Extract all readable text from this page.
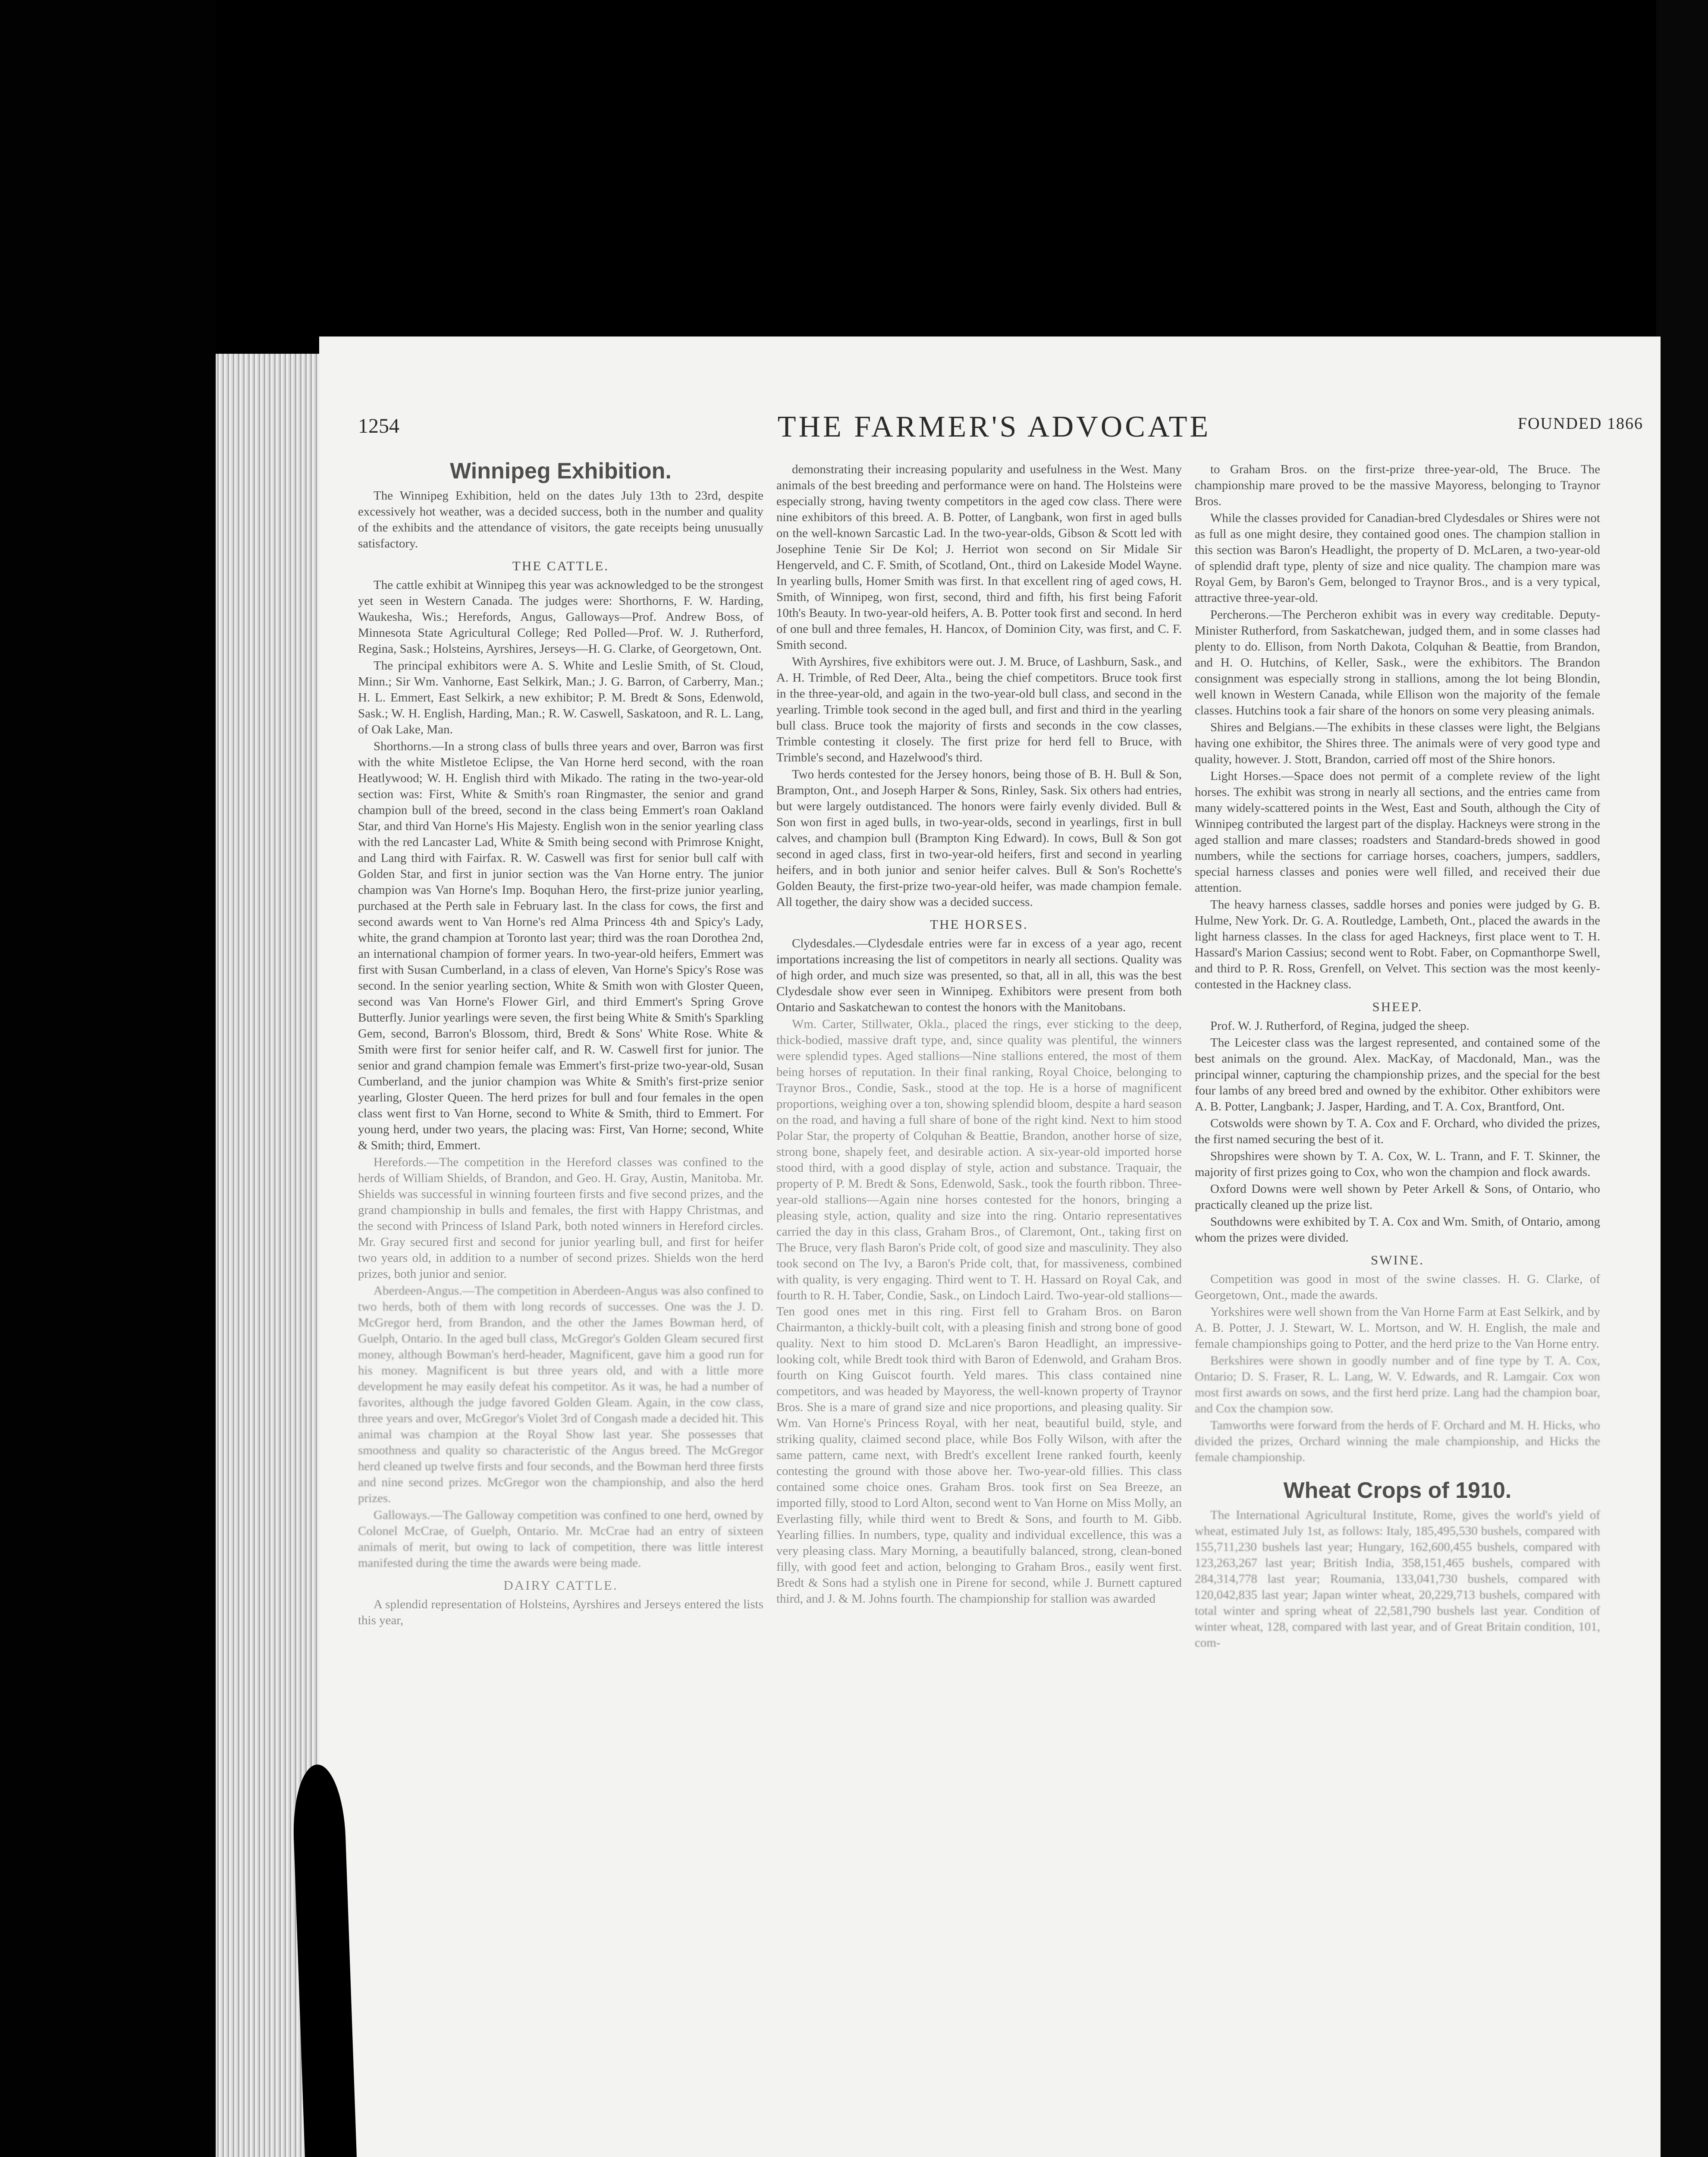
1254	THE FARMER'S ADVOCATE	FOUNDED 1866
Winnipeg Exhibition.

The Winnipeg Exhibition, held on the dates July 13th to 23rd, despite excessively hot weather, was a decided success, both in the number and quality of the exhibits and the attendance of visitors, the gate receipts being unusually satisfactory.

THE CATTLE.

The cattle exhibit at Winnipeg this year was acknowledged to be the strongest yet seen in Western Canada. The judges were: Shorthorns, F. W. Harding, Waukesha, Wis.; Herefords, Angus, Galloways—Prof. Andrew Boss, of Minnesota State Agricultural College; Red Polled—Prof. W. J. Rutherford, Regina, Sask.; Holsteins, Ayrshires, Jerseys—H. G. Clarke, of Georgetown, Ont.

The principal exhibitors were A. S. White and Leslie Smith, of St. Cloud, Minn.; Sir Wm. Vanhorne, East Selkirk, Man.; J. G. Barron, of Carberry, Man.; H. L. Emmert, East Selkirk, a new exhibitor; P. M. Bredt & Sons, Edenwold, Sask.; W. H. English, Harding, Man.; R. W. Caswell, Saskatoon, and R. L. Lang, of Oak Lake, Man.

Shorthorns.—In a strong class of bulls three years and over, Barron was first with the white Mistletoe Eclipse, the Van Horne herd second, with the roan Heatlywood; W. H. English third with Mikado. The rating in the two-year-old section was: First, White & Smith's roan Ringmaster, the senior and grand champion bull of the breed, second in the class being Emmert's roan Oakland Star, and third Van Horne's His Majesty. English won in the senior yearling class with the red Lancaster Lad, White & Smith being second with Primrose Knight, and Lang third with Fairfax. R. W. Caswell was first for senior bull calf with Golden Star, and first in junior section was the Van Horne entry. The junior champion was Van Horne's Imp. Boquhan Hero, the first-prize junior yearling, purchased at the Perth sale in February last. In the class for cows, the first and second awards went to Van Horne's red Alma Princess 4th and Spicy's Lady, white, the grand champion at Toronto last year; third was the roan Dorothea 2nd, an international champion of former years. In two-year-old heifers, Emmert was first with Susan Cumberland, in a class of eleven, Van Horne's Spicy's Rose was second. In the senior yearling section, White & Smith won with Gloster Queen, second was Van Horne's Flower Girl, and third Emmert's Spring Grove Butterfly. Junior yearlings were seven, the first being White & Smith's Sparkling Gem, second, Barron's Blossom, third, Bredt & Sons' White Rose. White & Smith were first for senior heifer calf, and R. W. Caswell first for junior. The senior and grand champion female was Emmert's first-prize two-year-old, Susan Cumberland, and the junior champion was White & Smith's first-prize senior yearling, Gloster Queen. The herd prizes for bull and four females in the open class went first to Van Horne, second to White & Smith, third to Emmert. For young herd, under two years, the placing was: First, Van Horne; second, White & Smith; third, Emmert.

Herefords.—The competition in the Hereford classes was confined to the herds of William Shields, of Brandon, and Geo. H. Gray, Austin, Manitoba. Mr. Shields was successful in winning fourteen firsts and five second prizes, and the grand championship in bulls and females, the first with Happy Christmas, and the second with Princess of Island Park, both noted winners in Hereford circles. Mr. Gray secured first and second for junior yearling bull, and first for heifer two years old, in addition to a number of second prizes. Shields won the herd prizes, both junior and senior.

Aberdeen-Angus.—The competition in Aberdeen-Angus was also confined to two herds, both of them with long records of successes. One was the J. D. McGregor herd, from Brandon, and the other the James Bowman herd, of Guelph, Ontario. In the aged bull class, McGregor's Golden Gleam secured first money, although Bowman's herd-header, Magnificent, gave him a good run for his money. Magnificent is but three years old, and with a little more development he may easily defeat his competitor. As it was, he had a number of favorites, although the judge favored Golden Gleam. Again, in the cow class, three years and over, McGregor's Violet 3rd of Congash made a decided hit. This animal was champion at the Royal Show last year. She possesses that smoothness and quality so characteristic of the Angus breed. The McGregor herd cleaned up twelve firsts and four seconds, and the Bowman herd three firsts and nine second prizes. McGregor won the championship, and also the herd prizes.

Galloways.—The Galloway competition was confined to one herd, owned by Colonel McCrae, of Guelph, Ontario. Mr. McCrae had an entry of sixteen animals of merit, but owing to lack of competition, there was little interest manifested during the time the awards were being made.

DAIRY CATTLE.

A splendid representation of Holsteins, Ayrshires and Jerseys entered the lists this year,

demonstrating their increasing popularity and usefulness in the West. Many animals of the best breeding and performance were on hand. The Holsteins were especially strong, having twenty competitors in the aged cow class. There were nine exhibitors of this breed. A. B. Potter, of Langbank, won first in aged bulls on the well-known Sarcastic Lad. In the two-year-olds, Gibson & Scott led with Josephine Tenie Sir De Kol; J. Herriot won second on Sir Midale Sir Hengerveld, and C. F. Smith, of Scotland, Ont., third on Lakeside Model Wayne. In yearling bulls, Homer Smith was first. In that excellent ring of aged cows, H. Smith, of Winnipeg, won first, second, third and fifth, his first being Faforit 10th's Beauty. In two-year-old heifers, A. B. Potter took first and second. In herd of one bull and three females, H. Hancox, of Dominion City, was first, and C. F. Smith second.

With Ayrshires, five exhibitors were out. J. M. Bruce, of Lashburn, Sask., and A. H. Trimble, of Red Deer, Alta., being the chief competitors. Bruce took first in the three-year-old, and again in the two-year-old bull class, and second in the yearling. Trimble took second in the aged bull, and first and third in the yearling bull class. Bruce took the majority of firsts and seconds in the cow classes, Trimble contesting it closely. The first prize for herd fell to Bruce, with Trimble's second, and Hazelwood's third.

Two herds contested for the Jersey honors, being those of B. H. Bull & Son, Brampton, Ont., and Joseph Harper & Sons, Rinley, Sask. Six others had entries, but were largely outdistanced. The honors were fairly evenly divided. Bull & Son won first in aged bulls, in two-year-olds, second in yearlings, first in bull calves, and champion bull (Brampton King Edward). In cows, Bull & Son got second in aged class, first in two-year-old heifers, first and second in yearling heifers, and in both junior and senior heifer calves. Bull & Son's Rochette's Golden Beauty, the first-prize two-year-old heifer, was made champion female. All together, the dairy show was a decided success.

THE HORSES.

Clydesdales.—Clydesdale entries were far in excess of a year ago, recent importations increasing the list of competitors in nearly all sections. Quality was of high order, and much size was presented, so that, all in all, this was the best Clydesdale show ever seen in Winnipeg. Exhibitors were present from both Ontario and Saskatchewan to contest the honors with the Manitobans.

Wm. Carter, Stillwater, Okla., placed the rings, ever sticking to the deep, thick-bodied, massive draft type, and, since quality was plentiful, the winners were splendid types. Aged stallions—Nine stallions entered, the most of them being horses of reputation. In their final ranking, Royal Choice, belonging to Traynor Bros., Condie, Sask., stood at the top. He is a horse of magnificent proportions, weighing over a ton, showing splendid bloom, despite a hard season on the road, and having a full share of bone of the right kind. Next to him stood Polar Star, the property of Colquhan & Beattie, Brandon, another horse of size, strong bone, shapely feet, and desirable action. A six-year-old imported horse stood third, with a good display of style, action and substance. Traquair, the property of P. M. Bredt & Sons, Edenwold, Sask., took the fourth ribbon. Three-year-old stallions—Again nine horses contested for the honors, bringing a pleasing style, action, quality and size into the ring. Ontario representatives carried the day in this class, Graham Bros., of Claremont, Ont., taking first on The Bruce, very flash Baron's Pride colt, of good size and masculinity. They also took second on The Ivy, a Baron's Pride colt, that, for massiveness, combined with quality, is very engaging. Third went to T. H. Hassard on Royal Cak, and fourth to R. H. Taber, Condie, Sask., on Lindoch Laird. Two-year-old stallions—Ten good ones met in this ring. First fell to Graham Bros. on Baron Chairmanton, a thickly-built colt, with a pleasing finish and strong bone of good quality. Next to him stood D. McLaren's Baron Headlight, an impressive-looking colt, while Bredt took third with Baron of Edenwold, and Graham Bros. fourth on King Guiscot fourth. Yeld mares. This class contained nine competitors, and was headed by Mayoress, the well-known property of Traynor Bros. She is a mare of grand size and nice proportions, and pleasing quality. Sir Wm. Van Horne's Princess Royal, with her neat, beautiful build, style, and striking quality, claimed second place, while Bos Folly Wilson, with after the same pattern, came next, with Bredt's excellent Irene ranked fourth, keenly contesting the ground with those above her. Two-year-old fillies. This class contained some choice ones. Graham Bros. took first on Sea Breeze, an imported filly, stood to Lord Alton, second went to Van Horne on Miss Molly, an Everlasting filly, while third went to Bredt & Sons, and fourth to M. Gibb. Yearling fillies. In numbers, type, quality and individual excellence, this was a very pleasing class. Mary Morning, a beautifully balanced, strong, clean-boned filly, with good feet and action, belonging to Graham Bros., easily went first. Bredt & Sons had a stylish one in Pirene for second, while J. Burnett captured third, and J. & M. Johns fourth. The championship for stallion was awarded

to Graham Bros. on the first-prize three-year-old, The Bruce. The championship mare proved to be the massive Mayoress, belonging to Traynor Bros.

While the classes provided for Canadian-bred Clydesdales or Shires were not as full as one might desire, they contained good ones. The champion stallion in this section was Baron's Headlight, the property of D. McLaren, a two-year-old of splendid draft type, plenty of size and nice quality. The champion mare was Royal Gem, by Baron's Gem, belonged to Traynor Bros., and is a very typical, attractive three-year-old.

Percherons.—The Percheron exhibit was in every way creditable. Deputy-Minister Rutherford, from Saskatchewan, judged them, and in some classes had plenty to do. Ellison, from North Dakota, Colquhan & Beattie, from Brandon, and H. O. Hutchins, of Keller, Sask., were the exhibitors. The Brandon consignment was especially strong in stallions, among the lot being Blondin, well known in Western Canada, while Ellison won the majority of the female classes. Hutchins took a fair share of the honors on some very pleasing animals.

Shires and Belgians.—The exhibits in these classes were light, the Belgians having one exhibitor, the Shires three. The animals were of very good type and quality, however. J. Stott, Brandon, carried off most of the Shire honors.

Light Horses.—Space does not permit of a complete review of the light horses. The exhibit was strong in nearly all sections, and the entries came from many widely-scattered points in the West, East and South, although the City of Winnipeg contributed the largest part of the display. Hackneys were strong in the aged stallion and mare classes; roadsters and Standard-breds showed in good numbers, while the sections for carriage horses, coachers, jumpers, saddlers, special harness classes and ponies were well filled, and received their due attention.

The heavy harness classes, saddle horses and ponies were judged by G. B. Hulme, New York. Dr. G. A. Routledge, Lambeth, Ont., placed the awards in the light harness classes. In the class for aged Hackneys, first place went to T. H. Hassard's Marion Cassius; second went to Robt. Faber, on Copmanthorpe Swell, and third to P. R. Ross, Grenfell, on Velvet. This section was the most keenly-contested in the Hackney class.

SHEEP.

Prof. W. J. Rutherford, of Regina, judged the sheep.

The Leicester class was the largest represented, and contained some of the best animals on the ground. Alex. MacKay, of Macdonald, Man., was the principal winner, capturing the championship prizes, and the special for the best four lambs of any breed bred and owned by the exhibitor. Other exhibitors were A. B. Potter, Langbank; J. Jasper, Harding, and T. A. Cox, Brantford, Ont.

Cotswolds were shown by T. A. Cox and F. Orchard, who divided the prizes, the first named securing the best of it.

Shropshires were shown by T. A. Cox, W. L. Trann, and F. T. Skinner, the majority of first prizes going to Cox, who won the champion and flock awards.

Oxford Downs were well shown by Peter Arkell & Sons, of Ontario, who practically cleaned up the prize list.

Southdowns were exhibited by T. A. Cox and Wm. Smith, of Ontario, among whom the prizes were divided.

SWINE.

Competition was good in most of the swine classes. H. G. Clarke, of Georgetown, Ont., made the awards.

Yorkshires were well shown from the Van Horne Farm at East Selkirk, and by A. B. Potter, J. J. Stewart, W. L. Mortson, and W. H. English, the male and female championships going to Potter, and the herd prize to the Van Horne entry.

Berkshires were shown in goodly number and of fine type by T. A. Cox, Ontario; D. S. Fraser, R. L. Lang, W. V. Edwards, and R. Lamgair. Cox won most first awards on sows, and the first herd prize. Lang had the champion boar, and Cox the champion sow.

Tamworths were forward from the herds of F. Orchard and M. H. Hicks, who divided the prizes, Orchard winning the male championship, and Hicks the female championship.

Wheat Crops of 1910.

The International Agricultural Institute, Rome, gives the world's yield of wheat, estimated July 1st, as follows: Italy, 185,495,530 bushels, compared with 155,711,230 bushels last year; Hungary, 162,600,455 bushels, compared with 123,263,267 last year; British India, 358,151,465 bushels, compared with 284,314,778 last year; Roumania, 133,041,730 bushels, compared with 120,042,835 last year; Japan winter wheat, 20,229,713 bushels, compared with total winter and spring wheat of 22,581,790 bushels last year. Condition of winter wheat, 128, compared with last year, and of Great Britain condition, 101, com-
